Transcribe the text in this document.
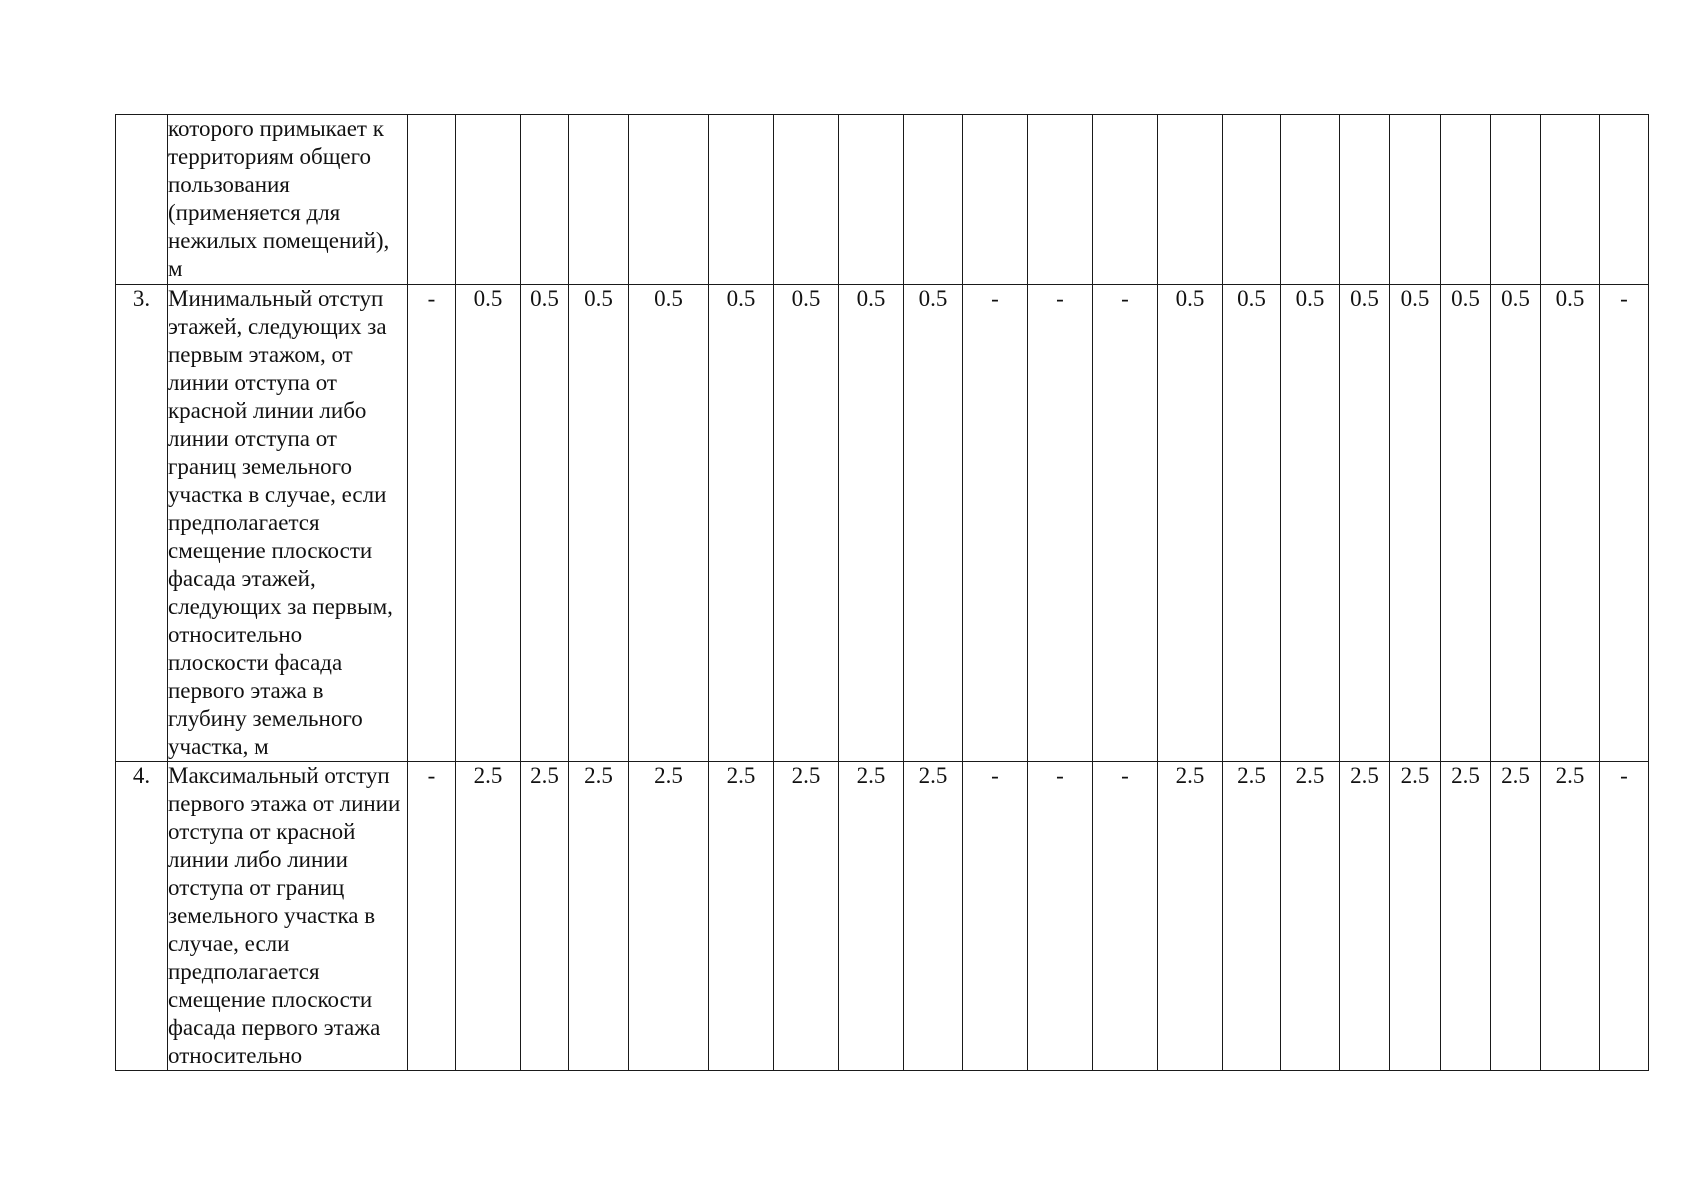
	которого примыкает к территориям общего пользования (применяется для нежилых помещений), м																					
3.	Минимальный отступ этажей, следующих за первым этажом, от линии отступа от красной линии либо линии отступа от границ земельного участка в случае, если предполагается смещение плоскости фасада этажей, следующих за первым, относительно плоскости фасада первого этажа в глубину земельного участка, м	-	0.5	0.5	0.5	0.5	0.5	0.5	0.5	0.5	-	-	-	0.5	0.5	0.5	0.5	0.5	0.5	0.5	0.5	-
4.	Максимальный отступ первого этажа от линии отступа от красной линии либо линии отступа от границ земельного участка в случае, если предполагается смещение плоскости фасада первого этажа относительно	-	2.5	2.5	2.5	2.5	2.5	2.5	2.5	2.5	-	-	-	2.5	2.5	2.5	2.5	2.5	2.5	2.5	2.5	-
